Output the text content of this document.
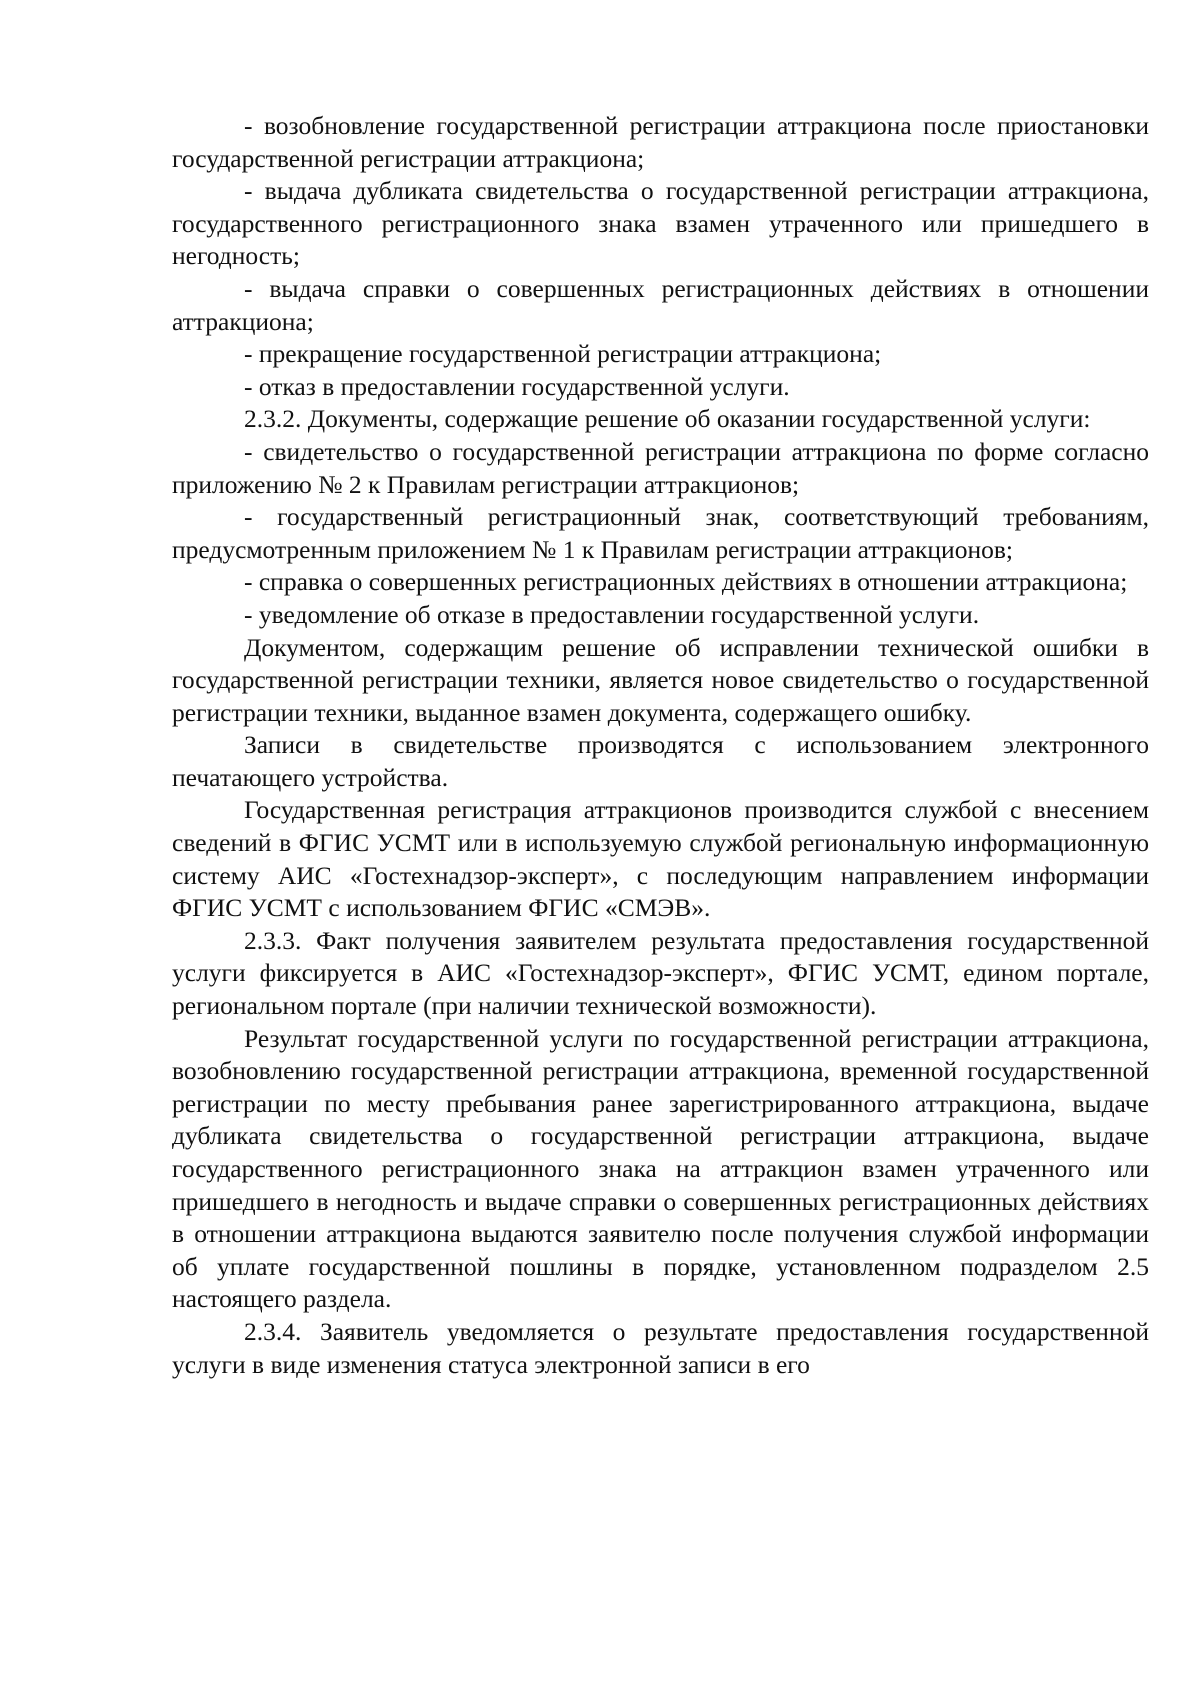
- возобновление государственной регистрации аттракциона после приостановки государственной регистрации аттракциона;

- выдача дубликата свидетельства о государственной регистрации аттракциона, государственного регистрационного знака взамен утраченного или пришедшего в негодность;

- выдача справки о совершенных регистрационных действиях в отношении аттракциона;

- прекращение государственной регистрации аттракциона;

- отказ в предоставлении государственной услуги.

2.3.2. Документы, содержащие решение об оказании государственной услуги:

- свидетельство о государственной регистрации аттракциона по форме согласно приложению № 2 к Правилам регистрации аттракционов;

- государственный регистрационный знак, соответствующий требованиям, предусмотренным приложением № 1 к Правилам регистрации аттракционов;

- справка о совершенных регистрационных действиях в отношении аттракциона;

- уведомление об отказе в предоставлении государственной услуги.

Документом, содержащим решение об исправлении технической ошибки в государственной регистрации техники, является новое свидетельство о государственной регистрации техники, выданное взамен документа, содержащего ошибку.

Записи в свидетельстве производятся с использованием электронного печатающего устройства.

Государственная регистрация аттракционов производится службой с внесением сведений в ФГИС УСМТ или в используемую службой региональную информационную систему АИС «Гостехнадзор-эксперт», с последующим направлением информации ФГИС УСМТ с использованием ФГИС «СМЭВ».

2.3.3. Факт получения заявителем результата предоставления государственной услуги фиксируется в АИС «Гостехнадзор-эксперт», ФГИС УСМТ, едином портале, региональном портале (при наличии технической возможности).

Результат государственной услуги по государственной регистрации аттракциона, возобновлению государственной регистрации аттракциона, временной государственной регистрации по месту пребывания ранее зарегистрированного аттракциона, выдаче дубликата свидетельства о государственной регистрации аттракциона, выдаче государственного регистрационного знака на аттракцион взамен утраченного или пришедшего в негодность и выдаче справки о совершенных регистрационных действиях в отношении аттракциона выдаются заявителю после получения службой информации об уплате государственной пошлины в порядке, установленном подразделом 2.5 настоящего раздела.

2.3.4. Заявитель уведомляется о результате предоставления государственной услуги в виде изменения статуса электронной записи в его
